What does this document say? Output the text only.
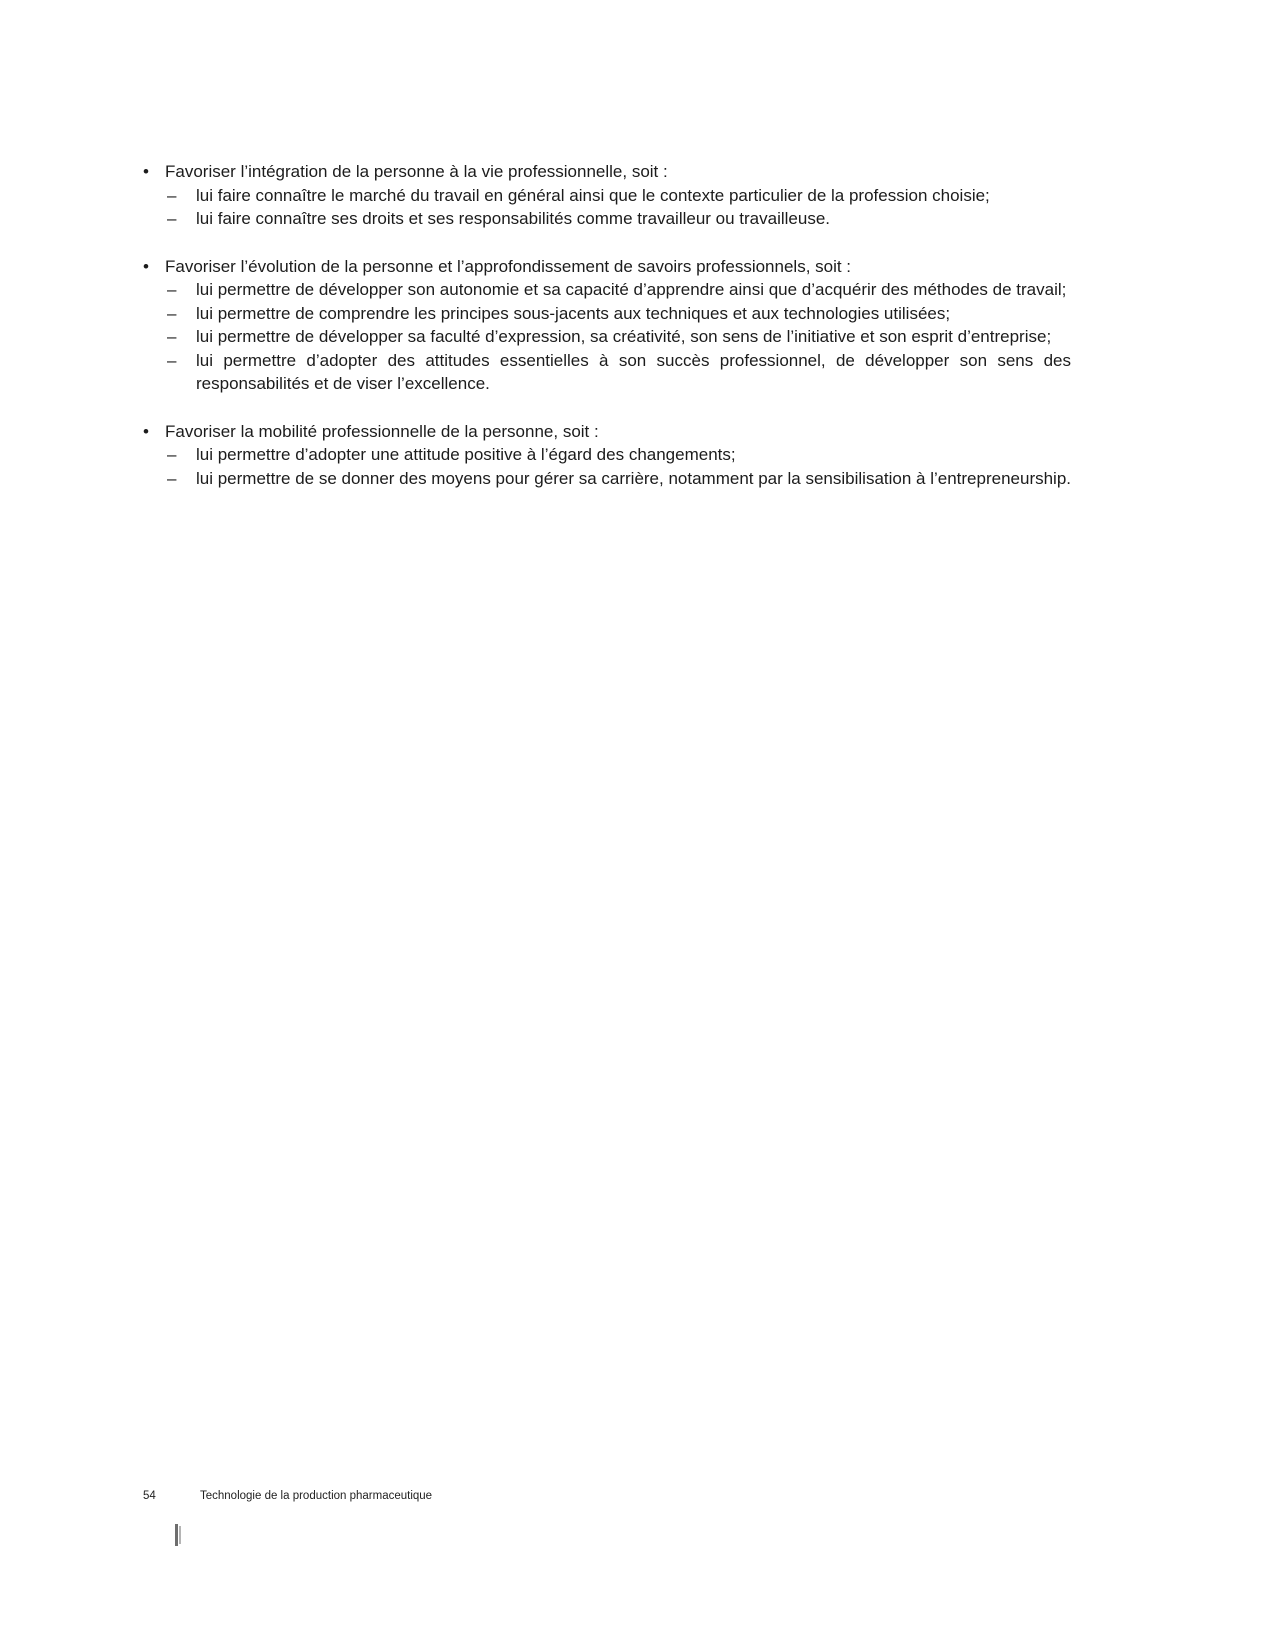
• Favoriser l’intégration de la personne à la vie professionnelle, soit :

–	lui faire connaître le marché du travail en général ainsi que le contexte particulier de la profession choisie;

–	lui faire connaître ses droits et ses responsabilités comme travailleur ou travailleuse.

• Favoriser l’évolution de la personne et l’approfondissement de savoirs professionnels, soit :

–	lui permettre de développer son autonomie et sa capacité d’apprendre ainsi que d’acquérir des méthodes de travail;

–	lui permettre de comprendre les principes sous-jacents aux techniques et aux technologies utilisées;

–	lui permettre de développer sa faculté d’expression, sa créativité, son sens de l’initiative et son esprit d’entreprise;

–	lui permettre d’adopter des attitudes essentielles à son succès professionnel, de développer son sens des responsabilités et de viser l’excellence.

• Favoriser la mobilité professionnelle de la personne, soit :

–	lui permettre d’adopter une attitude positive à l’égard des changements;

–	lui permettre de se donner des moyens pour gérer sa carrière, notamment par la sensibilisation à l’entrepreneurship.

54	Technologie de la production pharmaceutique
